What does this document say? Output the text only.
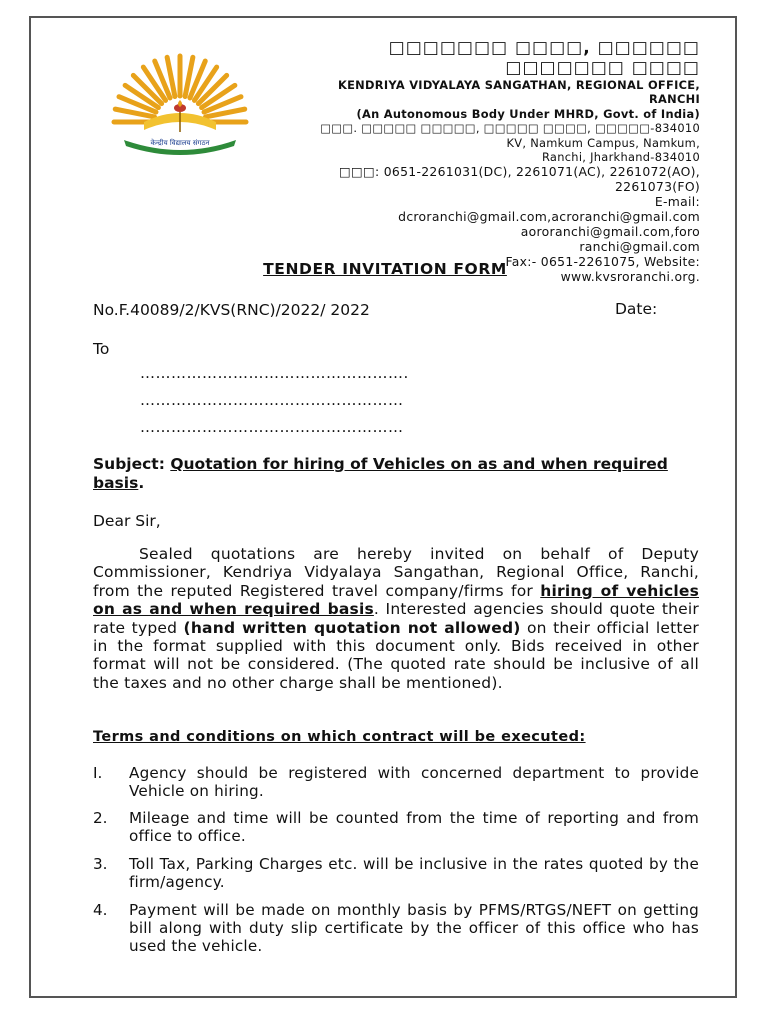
केन्द्रीय विद्यालय संगठन
□□□□□□□ □□□□, □□□□□□ □□□□□□□ □□□□
KENDRIYA VIDYALAYA SANGATHAN, REGIONAL OFFICE, RANCHI
(An Autonomous Body Under MHRD, Govt. of India)
□□□. □□□□□ □□□□□, □□□□□ □□□□, □□□□□-834010
KV, Namkum Campus, Namkum,
Ranchi, Jharkhand-834010
□□□: 0651-2261031(DC), 2261071(AC), 2261072(AO),
2261073(FO)
E-mail:
dcroranchi@gmail.com,acroranchi@gmail.com
aororanchi@gmail.com,foro
ranchi@gmail.com
Fax:- 0651-2261075, Website:
www.kvsroranchi.org.
TENDER INVITATION FORM
No.F.40089/2/KVS(RNC)/2022/ 2022	Date:
To
…………………………………………….
……………………………………………
……………………………………………
Subject: Quotation for hiring of Vehicles on as and when required basis.
Dear Sir,

Sealed quotations are hereby invited on behalf of Deputy Commissioner, Kendriya Vidyalaya Sangathan, Regional Office, Ranchi, from the reputed Registered travel company/firms for hiring of vehicles on as and when required basis. Interested agencies should quote their rate typed (hand written quotation not allowed) on their official letter in the format supplied with this document only. Bids received in other format will not be considered. (The quoted rate should be inclusive of all the taxes and no other charge shall be mentioned).

Terms and conditions on which contract will be executed:
I.	Agency should be registered with concerned department to provide Vehicle on hiring.
2.	Mileage and time will be counted from the time of reporting and from office to office.
3.	Toll Tax, Parking Charges etc. will be inclusive in the rates quoted by the firm/agency.
4.	Payment will be made on monthly basis by PFMS/RTGS/NEFT on getting bill along with duty slip certificate by the officer of this office who has used the vehicle.
